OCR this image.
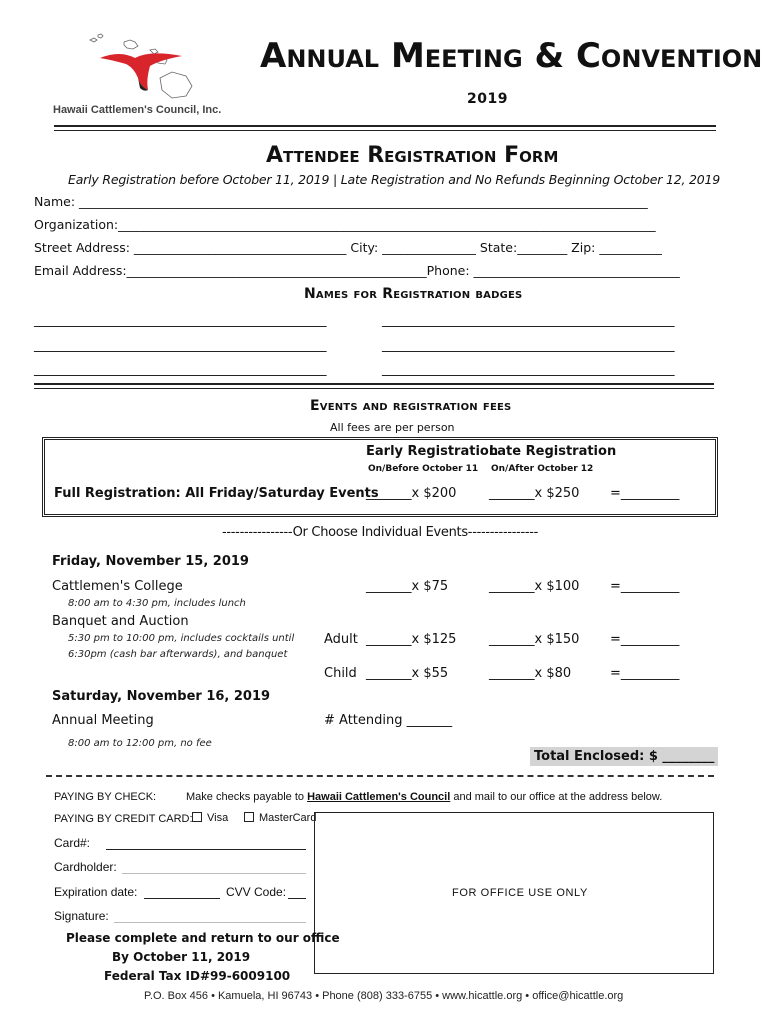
Hawaii Cattlemen's Council, Inc.
Annual Meeting & Convention
2019
Attendee Registration Form
Early Registration before October 11, 2019 | Late Registration and No Refunds Beginning October 12, 2019
Name: ___________________________________________________________________________________________
Organization:______________________________________________________________________________________
Street Address: __________________________________ City: _______________ State:________ Zip: __________
Email Address:________________________________________________Phone: _________________________________
Names for Registration badges
_____________________________________________	_____________________________________________
_____________________________________________	_____________________________________________
_____________________________________________	_____________________________________________
Events and registration fees
All fees are per person
Early Registration
On/Before October 11
Late Registration
On/After October 12
Full Registration: All Friday/Saturday Events
_______x $200	_______x $250 =_________
----------------Or Choose Individual Events----------------
Friday, November 15, 2019
Cattlemen's College
8:00 am to 4:30 pm, includes lunch
_______x $75	_______x $100 =_________
Banquet and Auction
5:30 pm to 10:00 pm, includes cocktails until
6:30pm (cash bar afterwards), and banquet
Adult _______x $125	_______x $150 =_________
Child _______x $55	_______x $80	=_________
Saturday, November 16, 2019
Annual Meeting
8:00 am to 12:00 pm, no fee
# Attending _______
Total Enclosed: $ ________
PAYING BY CHECK:	Make checks payable to Hawaii Cattlemen's Council and mail to our office at the address below.
PAYING BY CREDIT CARD:	Visa	MasterCard
Card#:
Cardholder:
Expiration date:	CVV Code:
Signature:
FOR OFFICE USE ONLY
Please complete and return to our office
By October 11, 2019
Federal Tax ID#99-6009100
P.O. Box 456 • Kamuela, HI 96743 • Phone (808) 333-6755 • www.hicattle.org • office@hicattle.org
